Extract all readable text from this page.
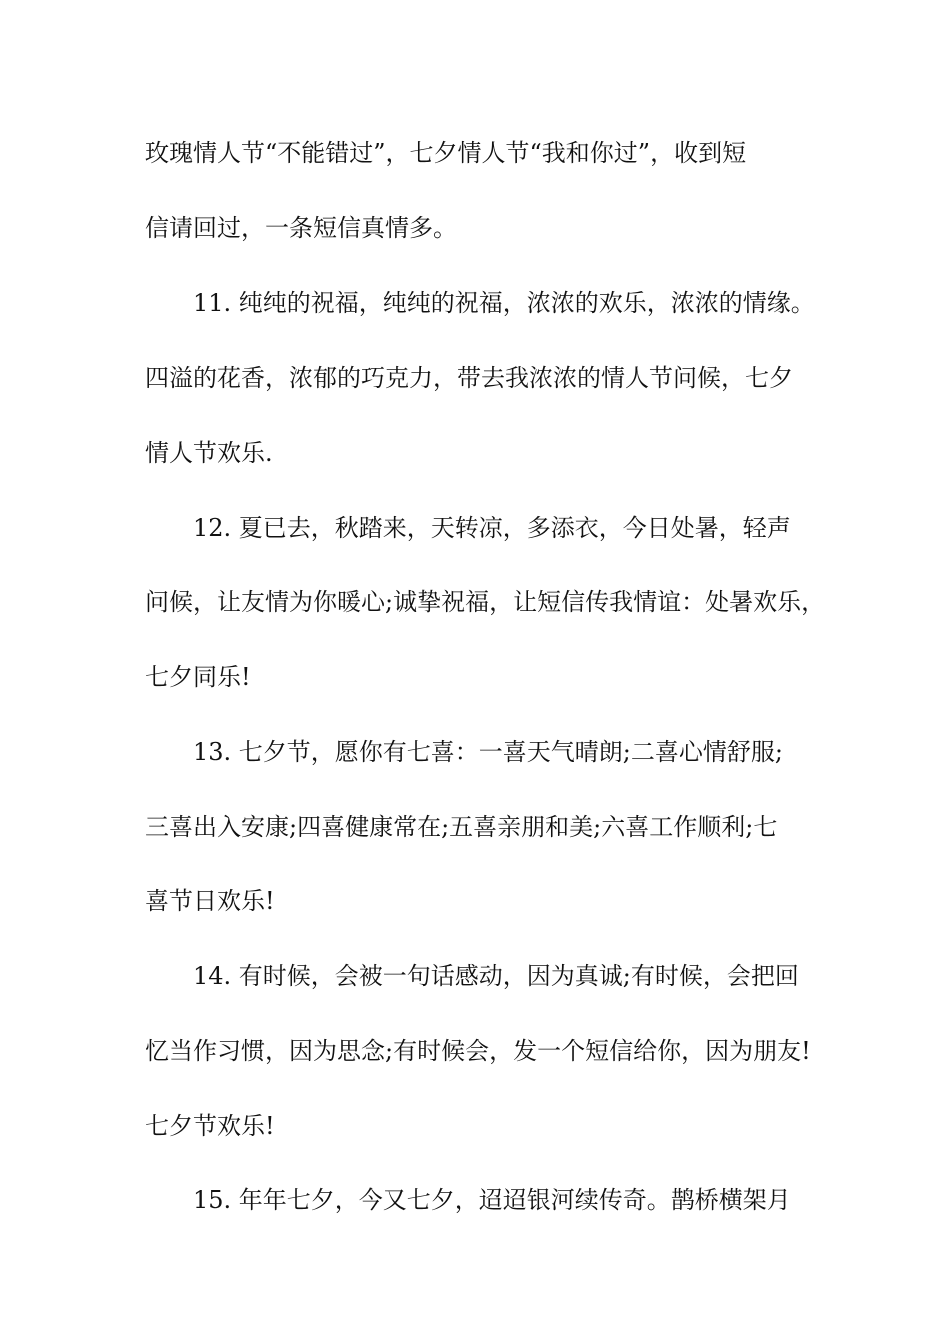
玫瑰情人节“不能错过”，七夕情人节“我和你过”，收到短
信请回过，一条短信真情多。
11. 纯纯的祝福，纯纯的祝福，浓浓的欢乐，浓浓的情缘。
四溢的花香，浓郁的巧克力，带去我浓浓的情人节问候，七夕
情人节欢乐.
12. 夏已去，秋踏来，天转凉，多添衣，今日处暑，轻声
问候，让友情为你暖心;诚挚祝福，让短信传我情谊：处暑欢乐，
七夕同乐!
13. 七夕节，愿你有七喜：一喜天气晴朗;二喜心情舒服;
三喜出入安康;四喜健康常在;五喜亲朋和美;六喜工作顺利;七
喜节日欢乐!
14. 有时候，会被一句话感动，因为真诚;有时候，会把回
忆当作习惯，因为思念;有时候会，发一个短信给你，因为朋友!
七夕节欢乐!
15. 年年七夕，今又七夕，迢迢银河续传奇。鹊桥横架月
